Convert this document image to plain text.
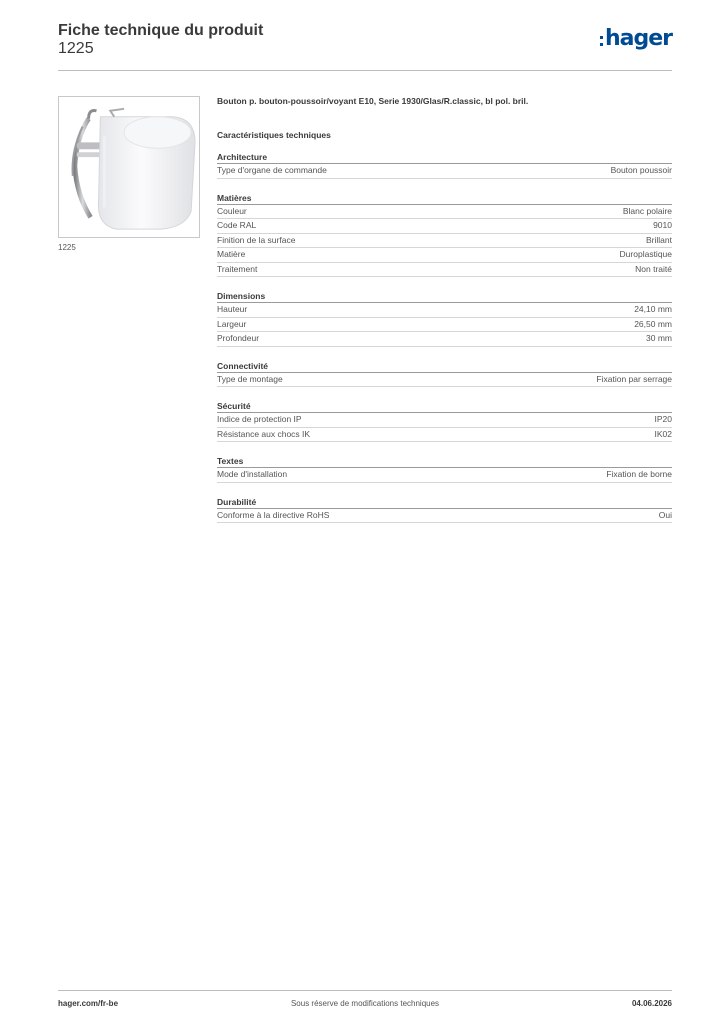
Fiche technique du produit
1225	hager
1225

Bouton p. bouton-poussoir/voyant E10, Serie 1930/Glas/R.classic, bl pol. bril.

Caractéristiques techniques
Architecture
Type d'organe de commande	Bouton poussoir
Matières
Couleur	Blanc polaire
Code RAL	9010
Finition de la surface	Brillant
Matière	Duroplastique
Traitement	Non traité
Dimensions
Hauteur	24,10 mm
Largeur	26,50 mm
Profondeur	30 mm
Connectivité
Type de montage	Fixation par serrage
Sécurité
Indice de protection IP	IP20
Résistance aux chocs IK	IK02
Textes
Mode d'installation	Fixation de borne
Durabilité
Conforme à la directive RoHS	Oui
hager.com/fr-be	Sous réserve de modifications techniques	04.06.2026
